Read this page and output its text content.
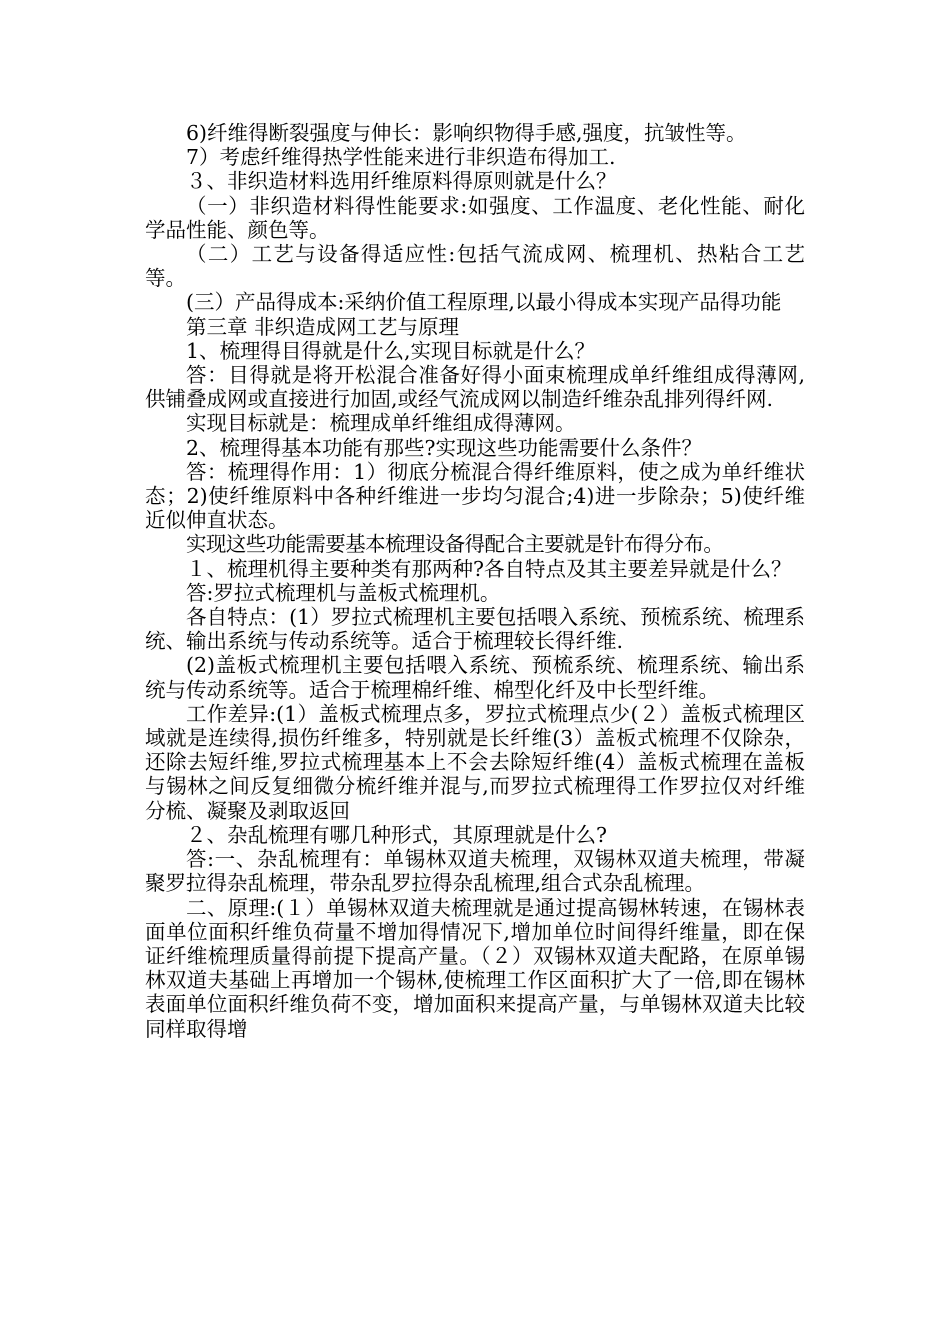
6)纤维得断裂强度与伸长：影响织物得手感,强度，抗皱性等。

7）考虑纤维得热学性能来进行非织造布得加工.

３、非织造材料选用纤维原料得原则就是什么？

（一）非织造材料得性能要求:如强度、工作温度、老化性能、耐化学品性能、颜色等。

（二）工艺与设备得适应性:包括气流成网、梳理机、热粘合工艺等。

(三）产品得成本:采纳价值工程原理,以最小得成本实现产品得功能

第三章 非织造成网工艺与原理

1、梳理得目得就是什么,实现目标就是什么？

答：目得就是将开松混合准备好得小面束梳理成单纤维组成得薄网,供铺叠成网或直接进行加固,或经气流成网以制造纤维杂乱排列得纤网.

实现目标就是：梳理成单纤维组成得薄网。

2、梳理得基本功能有那些?实现这些功能需要什么条件？

答：梳理得作用：1）彻底分梳混合得纤维原料，使之成为单纤维状态；2)使纤维原料中各种纤维进一步均匀混合;4)进一步除杂；5)使纤维近似伸直状态。

实现这些功能需要基本梳理设备得配合主要就是针布得分布。

１、梳理机得主要种类有那两种?各自特点及其主要差异就是什么？

答:罗拉式梳理机与盖板式梳理机。

各自特点：(1）罗拉式梳理机主要包括喂入系统、预梳系统、梳理系统、输出系统与传动系统等。适合于梳理较长得纤维.

(2)盖板式梳理机主要包括喂入系统、预梳系统、梳理系统、输出系统与传动系统等。适合于梳理棉纤维、棉型化纤及中长型纤维。

工作差异:(1）盖板式梳理点多，罗拉式梳理点少(２）盖板式梳理区域就是连续得,损伤纤维多，特别就是长纤维(3）盖板式梳理不仅除杂，还除去短纤维,罗拉式梳理基本上不会去除短纤维(4）盖板式梳理在盖板与锡林之间反复细微分梳纤维并混与,而罗拉式梳理得工作罗拉仅对纤维分梳、凝聚及剥取返回

２、杂乱梳理有哪几种形式，其原理就是什么?

答:一、杂乱梳理有：单锡林双道夫梳理，双锡林双道夫梳理，带凝聚罗拉得杂乱梳理，带杂乱罗拉得杂乱梳理,组合式杂乱梳理。

二、原理:(１）单锡林双道夫梳理就是通过提高锡林转速，在锡林表面单位面积纤维负荷量不增加得情况下,增加单位时间得纤维量，即在保证纤维梳理质量得前提下提高产量。（２）双锡林双道夫配路，在原单锡林双道夫基础上再增加一个锡林,使梳理工作区面积扩大了一倍,即在锡林表面单位面积纤维负荷不变，增加面积来提高产量，与单锡林双道夫比较同样取得增
